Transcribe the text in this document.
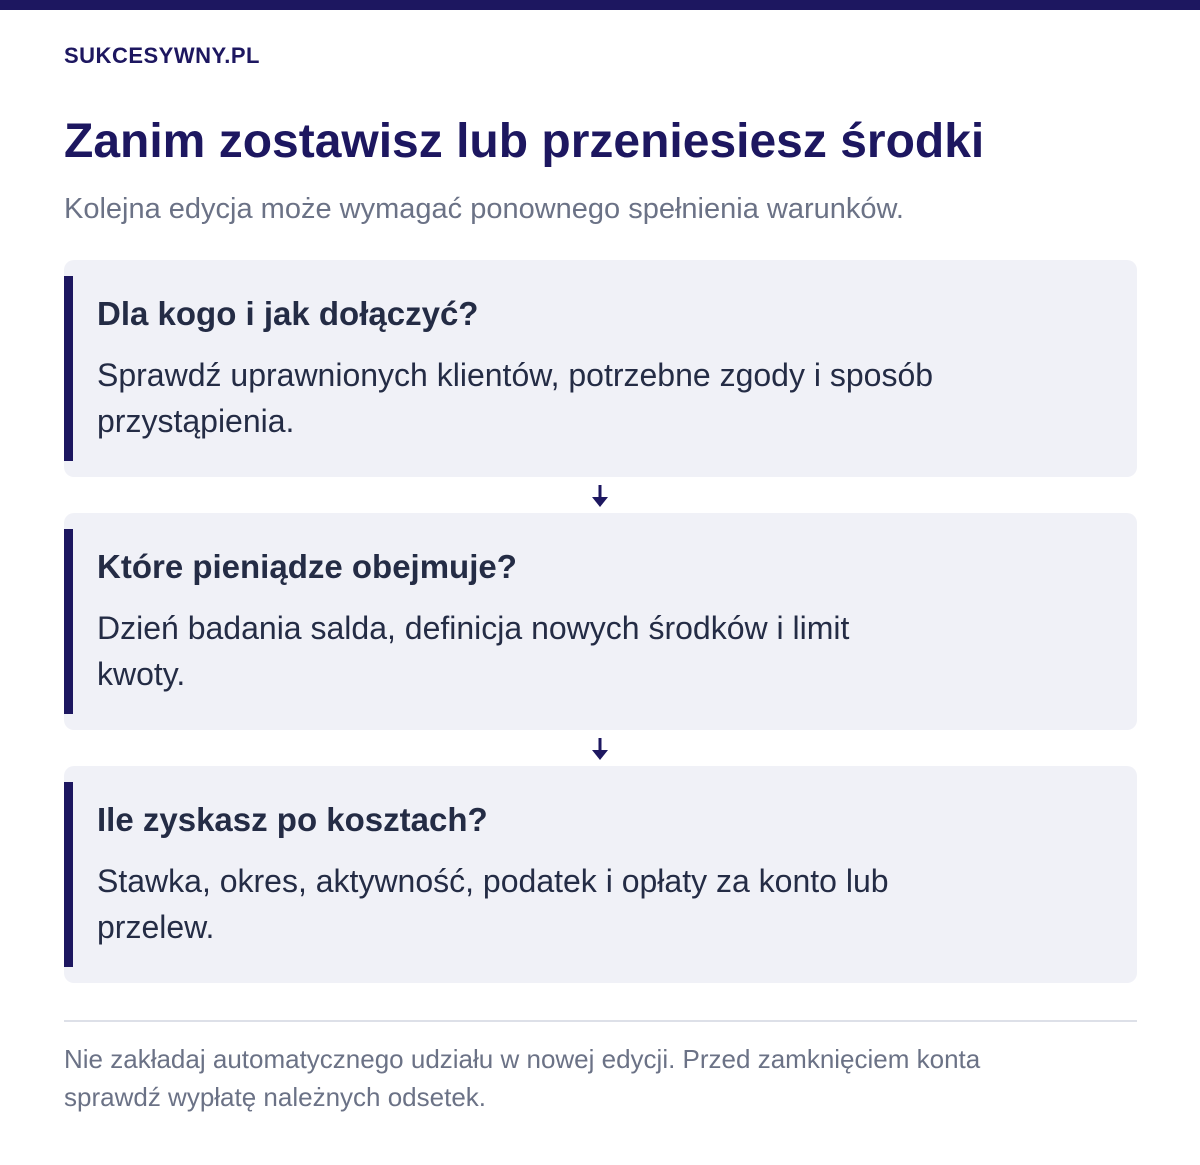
SUKCESYWNY.PL
Zanim zostawisz lub przeniesiesz środki
Kolejna edycja może wymagać ponownego spełnienia warunków.
Dla kogo i jak dołączyć?
Sprawdź uprawnionych klientów, potrzebne zgody i sposób
przystąpienia.
Które pieniądze obejmuje?
Dzień badania salda, definicja nowych środków i limit
kwoty.
Ile zyskasz po kosztach?
Stawka, okres, aktywność, podatek i opłaty za konto lub
przelew.
Nie zakładaj automatycznego udziału w nowej edycji. Przed zamknięciem konta
sprawdź wypłatę należnych odsetek.
